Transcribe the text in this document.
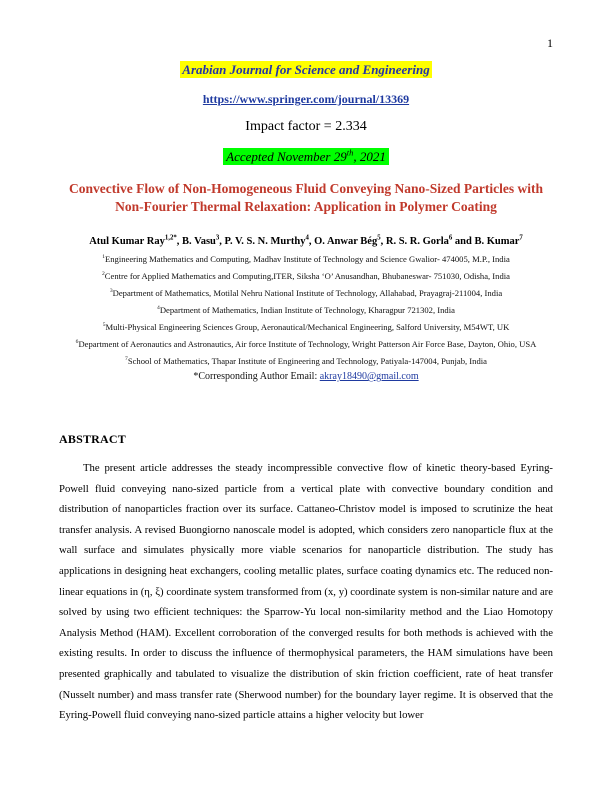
1
Arabian Journal for Science and Engineering
https://www.springer.com/journal/13369
Impact factor = 2.334
Accepted November 29th, 2021
Convective Flow of Non-Homogeneous Fluid Conveying Nano-Sized Particles with
Non-Fourier Thermal Relaxation: Application in Polymer Coating
Atul Kumar Ray$^{1,2*}$, B. Vasu$^3$, P. V. S. N. Murthy$^4$, O. Anwar Bég$^5$, R. S. R. Gorla$^6$ and B. Kumar$^7$
$^1$Engineering Mathematics and Computing, Madhav Institute of Technology and Science Gwalior- 474005, M.P., India
$^2$Centre for Applied Mathematics and Computing,ITER, Siksha ‘O’ Anusandhan, Bhubaneswar- 751030, Odisha, India
$^3$Department of Mathematics, Motilal Nehru National Institute of Technology, Allahabad, Prayagraj-211004, India
$^4$Department of Mathematics, Indian Institute of Technology, Kharagpur 721302, India
$^5$Multi-Physical Engineering Sciences Group, Aeronautical/Mechanical Engineering, Salford University, M54WT, UK
$^6$Department of Aeronautics and Astronautics, Air force Institute of Technology, Wright Patterson Air Force Base, Dayton, Ohio, USA
$^7$School of Mathematics, Thapar Institute of Engineering and Technology, Patiyala-147004, Punjab, India
*Corresponding Author Email: akray18490@gmail.com
ABSTRACT

The present article addresses the steady incompressible convective flow of kinetic theory-based Eyring-Powell fluid conveying nano-sized particle from a vertical plate with convective boundary condition and distribution of nanoparticles fraction over its surface. Cattaneo-Christov model is imposed to scrutinize the heat transfer analysis. A revised Buongiorno nanoscale model is adopted, which considers zero nanoparticle flux at the wall surface and simulates physically more viable scenarios for nanoparticle distribution. The study has applications in designing heat exchangers, cooling metallic plates, surface coating dynamics etc. The reduced non-linear equations in (η, ξ) coordinate system transformed from (x, y) coordinate system is non-similar nature and are solved by using two efficient techniques: the Sparrow-Yu local non-similarity method and the Liao Homotopy Analysis Method (HAM). Excellent corroboration of the converged results for both methods is achieved with the existing results. In order to discuss the influence of thermophysical parameters, the HAM simulations have been presented graphically and tabulated to visualize the distribution of skin friction coefficient, rate of heat transfer (Nusselt number) and mass transfer rate (Sherwood number) for the boundary layer regime. It is observed that the Eyring-Powell fluid conveying nano-sized particle attains a higher velocity but lower
